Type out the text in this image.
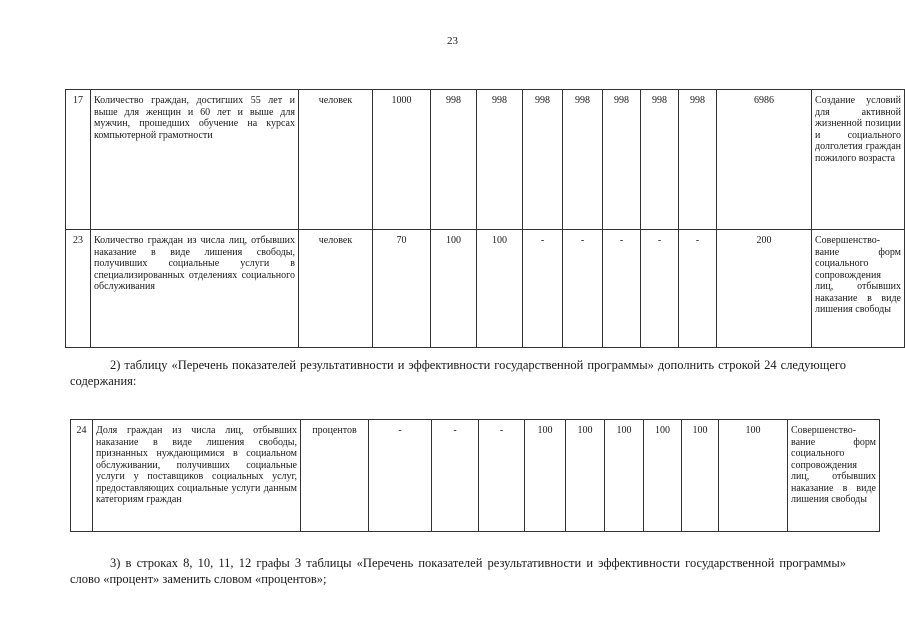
23
17	Количество граждан, достигших 55 лет и выше для женщин и 60 лет и выше для мужчин, прошедших обучение на курсах компьютерной грамотности	человек	1000	998	998	998	998	998	998	998	6986	Создание условий для активной жизненной позиции и социального долголетия граждан пожилого возраста
23	Количество граждан из числа лиц, отбывших наказание в виде лишения свободы, получивших социальные услуги в специализированных отделениях социального обслуживания	человек	70	100	100	-	-	-	-	-	200	Совершенство-вание форм социального сопровождения лиц, отбывших наказание в виде лишения свободы

2) таблицу «Перечень показателей результативности и эффективности государственной программы» дополнить строкой 24 следующего содержания:

24	Доля граждан из числа лиц, отбывших наказание в виде лишения свободы, признанных нуждающимися в социальном обслуживании, получивших социальные услуги у поставщиков социальных услуг, предоставляющих социальные услуги данным категориям граждан	процентов	-	-	-	100	100	100	100	100	100	Совершенство-вание форм социального сопровождения лиц, отбывших наказание в виде лишения свободы

3) в строках 8, 10, 11, 12 графы 3 таблицы «Перечень показателей результативности и эффективности государственной программы» слово «процент» заменить словом «процентов»;
